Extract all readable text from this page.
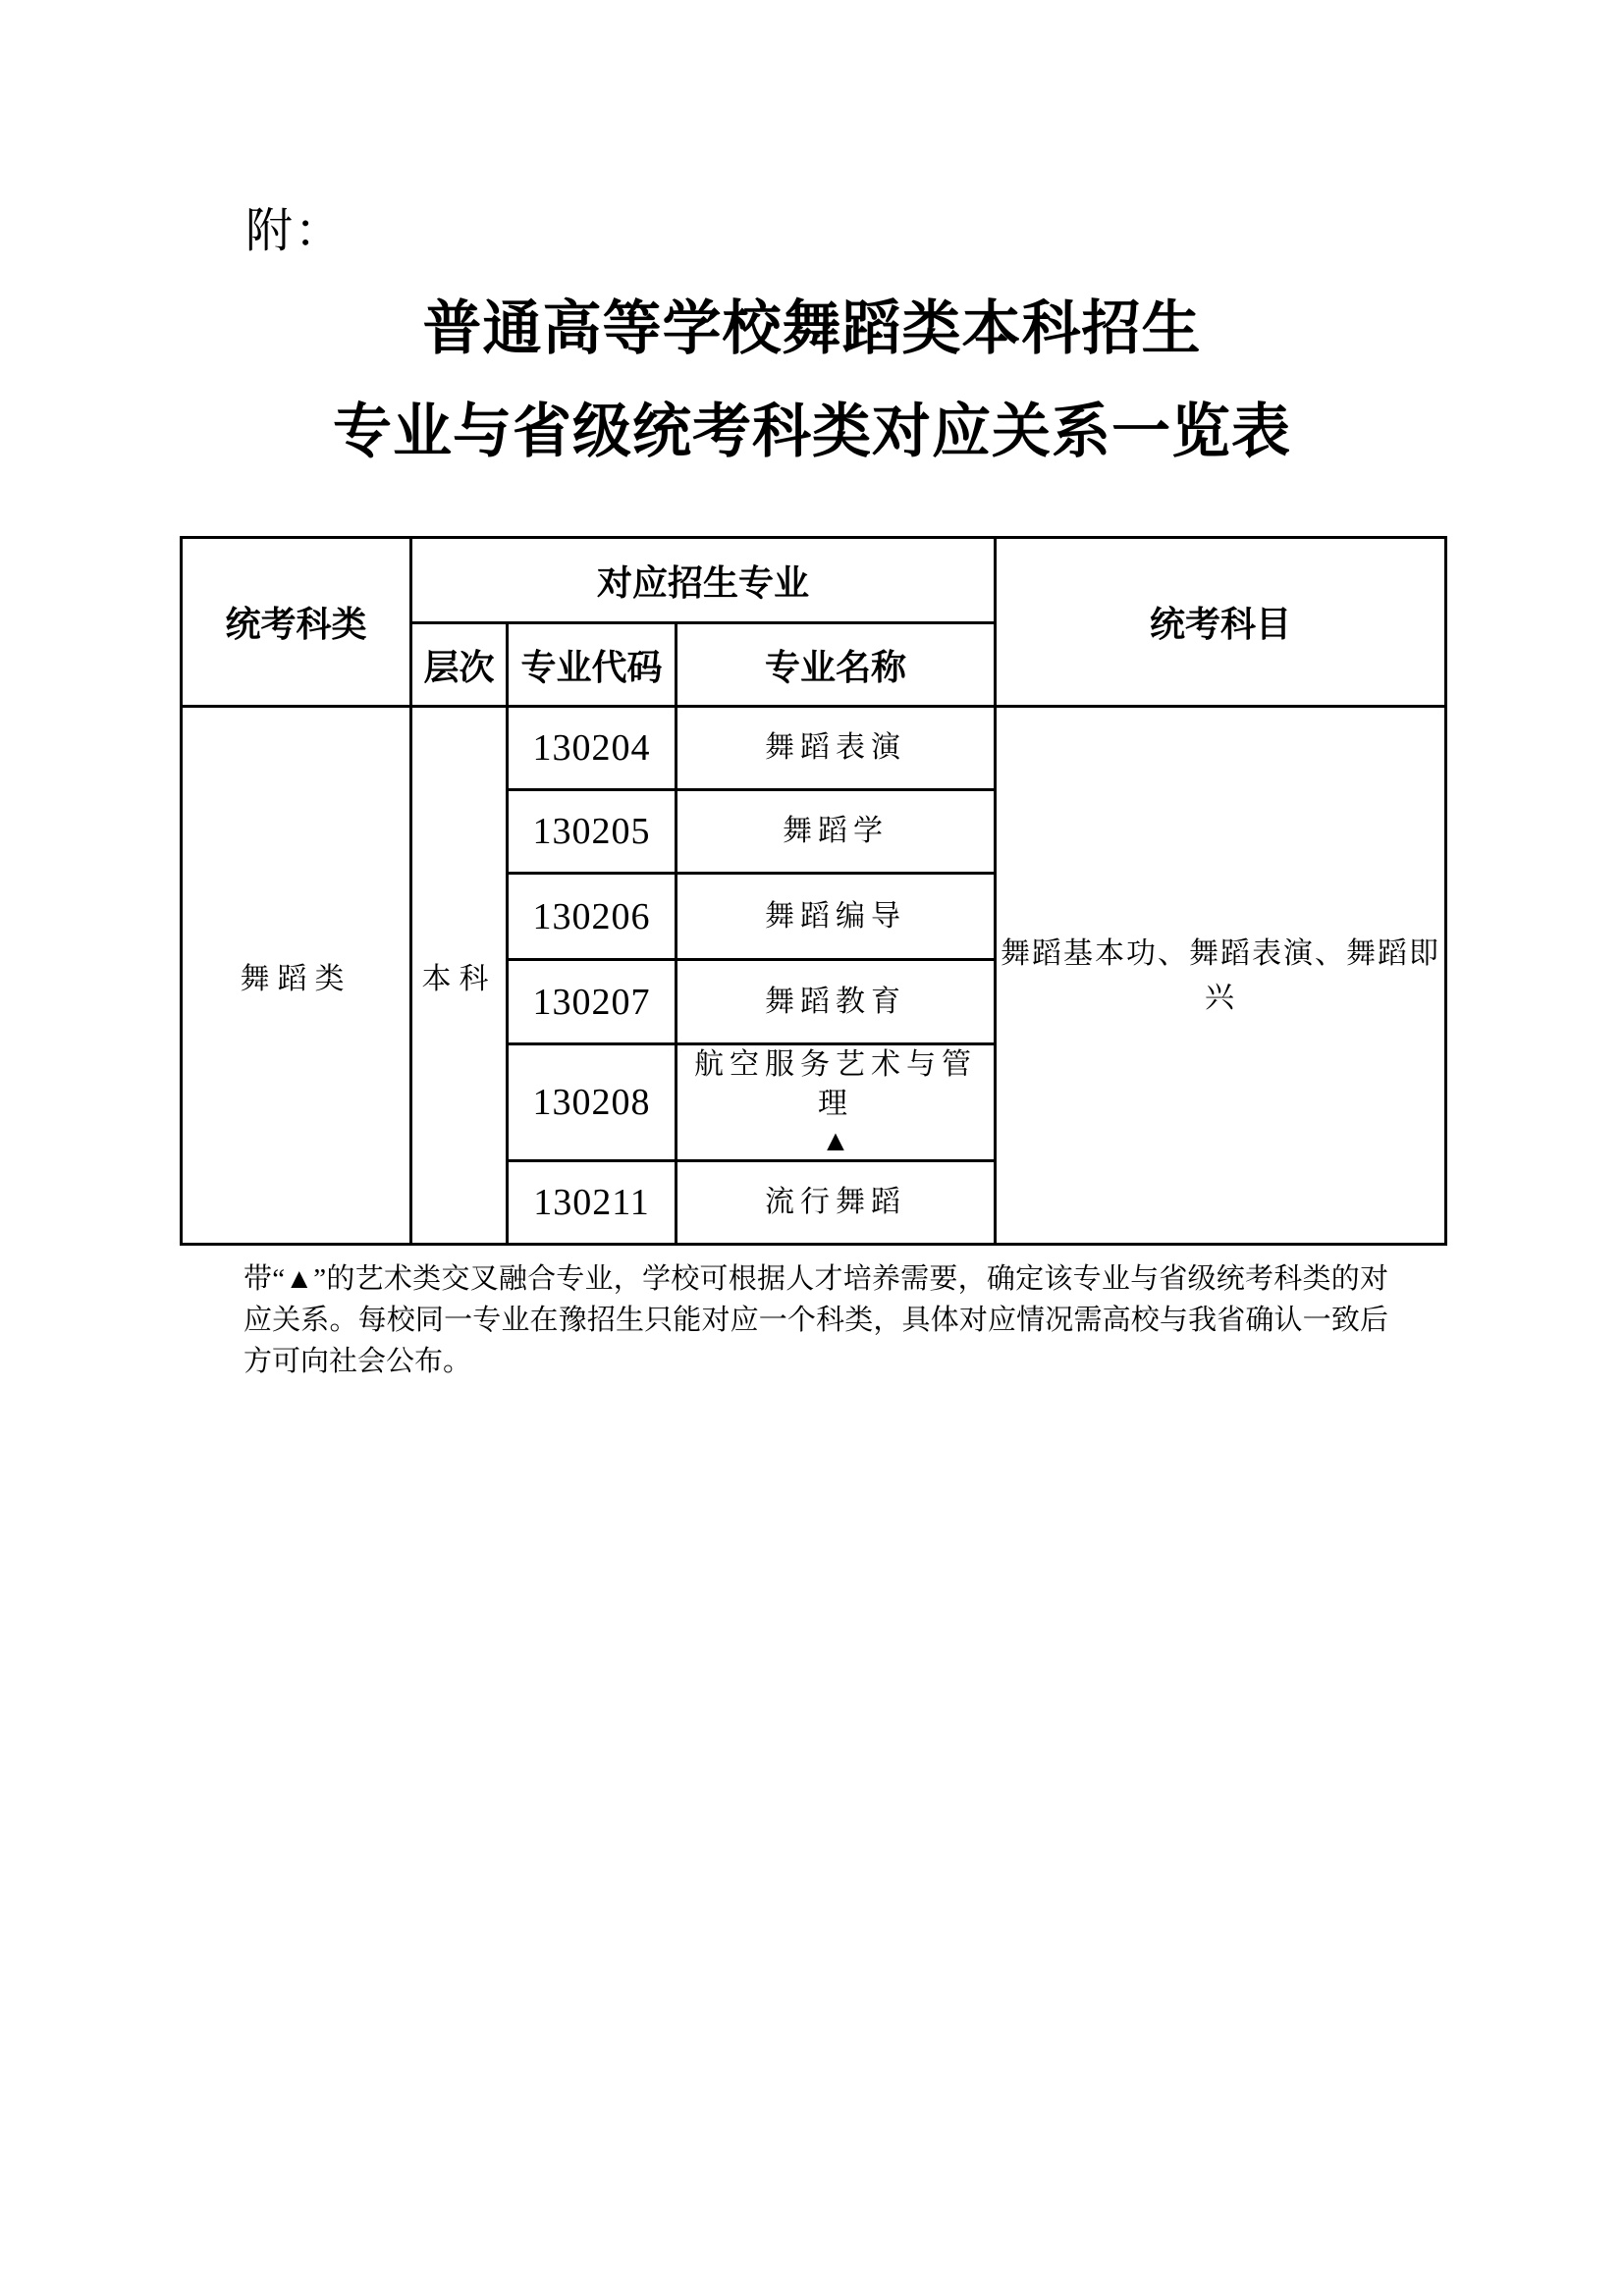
附：
普通高等学校舞蹈类本科招生
专业与省级统考科类对应关系一览表
统考科类	对应招生专业			统考科目
	层次	专业代码	专业名称	
舞蹈类	本科	130204	舞蹈表演	舞蹈基本功、舞蹈表演、舞蹈即兴
		130205	舞蹈学	
		130206	舞蹈编导	
		130207	舞蹈教育	
		130208	航空服务艺术与管理
▲	

		130211	流行舞蹈	
带“▲”的艺术类交叉融合专业，学校可根据人才培养需要，确定该专业与省级统考科类的对应关系。每校同一专业在豫招生只能对应一个科类，具体对应情况需高校与我省确认一致后方可向社会公布。
